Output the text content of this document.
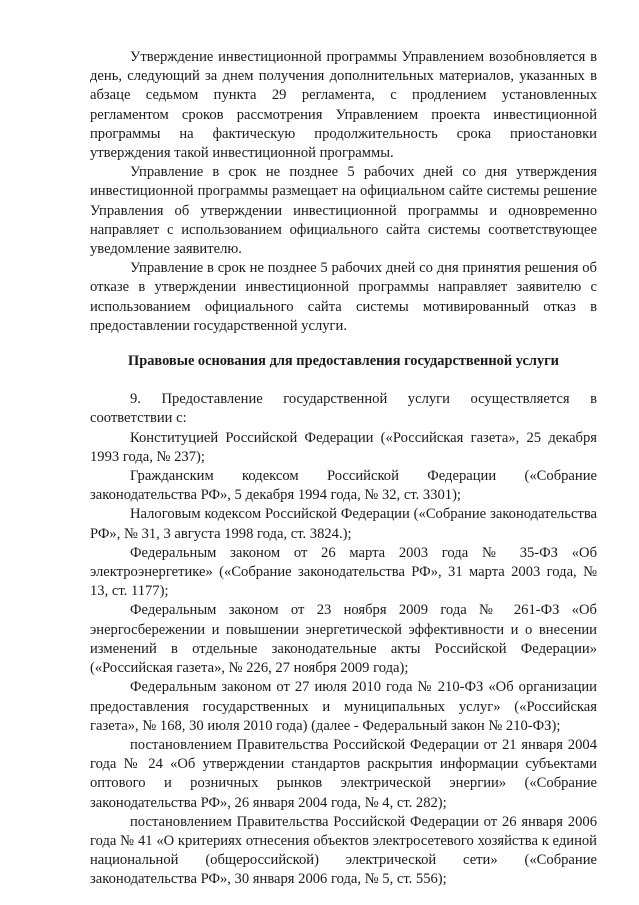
Утверждение инвестиционной программы Управлением возобновляется в день, следующий за днем получения дополнительных материалов, указанных в абзаце седьмом пункта 29 регламента, с продлением установленных регламентом сроков рассмотрения Управлением проекта инвестиционной программы на фактическую продолжительность срока приостановки утверждения такой инвестиционной программы.

Управление в срок не позднее 5 рабочих дней со дня утверждения инвестиционной программы размещает на официальном сайте системы решение Управления об утверждении инвестиционной программы и одновременно направляет с использованием официального сайта системы соответствующее уведомление заявителю.

Управление в срок не позднее 5 рабочих дней со дня принятия решения об отказе в утверждении инвестиционной программы направляет заявителю с использованием официального сайта системы мотивированный отказ в предоставлении государственной услуги.

Правовые основания для предоставления государственной услуги

9. Предоставление государственной услуги осуществляется в соответствии с:

Конституцией Российской Федерации («Российская газета», 25 декабря 1993 года, № 237);

Гражданским кодексом Российской Федерации («Собрание законодательства РФ», 5 декабря 1994 года, № 32, ст. 3301);

Налоговым кодексом Российской Федерации («Собрание законодательства РФ», № 31, 3 августа 1998 года, ст. 3824.);

Федеральным законом от 26 марта 2003 года № 35-ФЗ «Об электроэнергетике» («Собрание законодательства РФ», 31 марта 2003 года, № 13, ст. 1177);

Федеральным законом от 23 ноября 2009 года № 261-ФЗ «Об энергосбережении и повышении энергетической эффективности и о внесении изменений в отдельные законодательные акты Российской Федерации» («Российская газета», № 226, 27 ноября 2009 года);

Федеральным законом от 27 июля 2010 года № 210-ФЗ «Об организации предоставления государственных и муниципальных услуг» («Российская газета», № 168, 30 июля 2010 года) (далее - Федеральный закон № 210-ФЗ);

постановлением Правительства Российской Федерации от 21 января 2004 года № 24 «Об утверждении стандартов раскрытия информации субъектами оптового и розничных рынков электрической энергии» («Собрание законодательства РФ», 26 января 2004 года, № 4, ст. 282);

постановлением Правительства Российской Федерации от 26 января 2006 года № 41 «О критериях отнесения объектов электросетевого хозяйства к единой национальной (общероссийской) электрической сети» («Собрание законодательства РФ», 30 января 2006 года, № 5, ст. 556);
